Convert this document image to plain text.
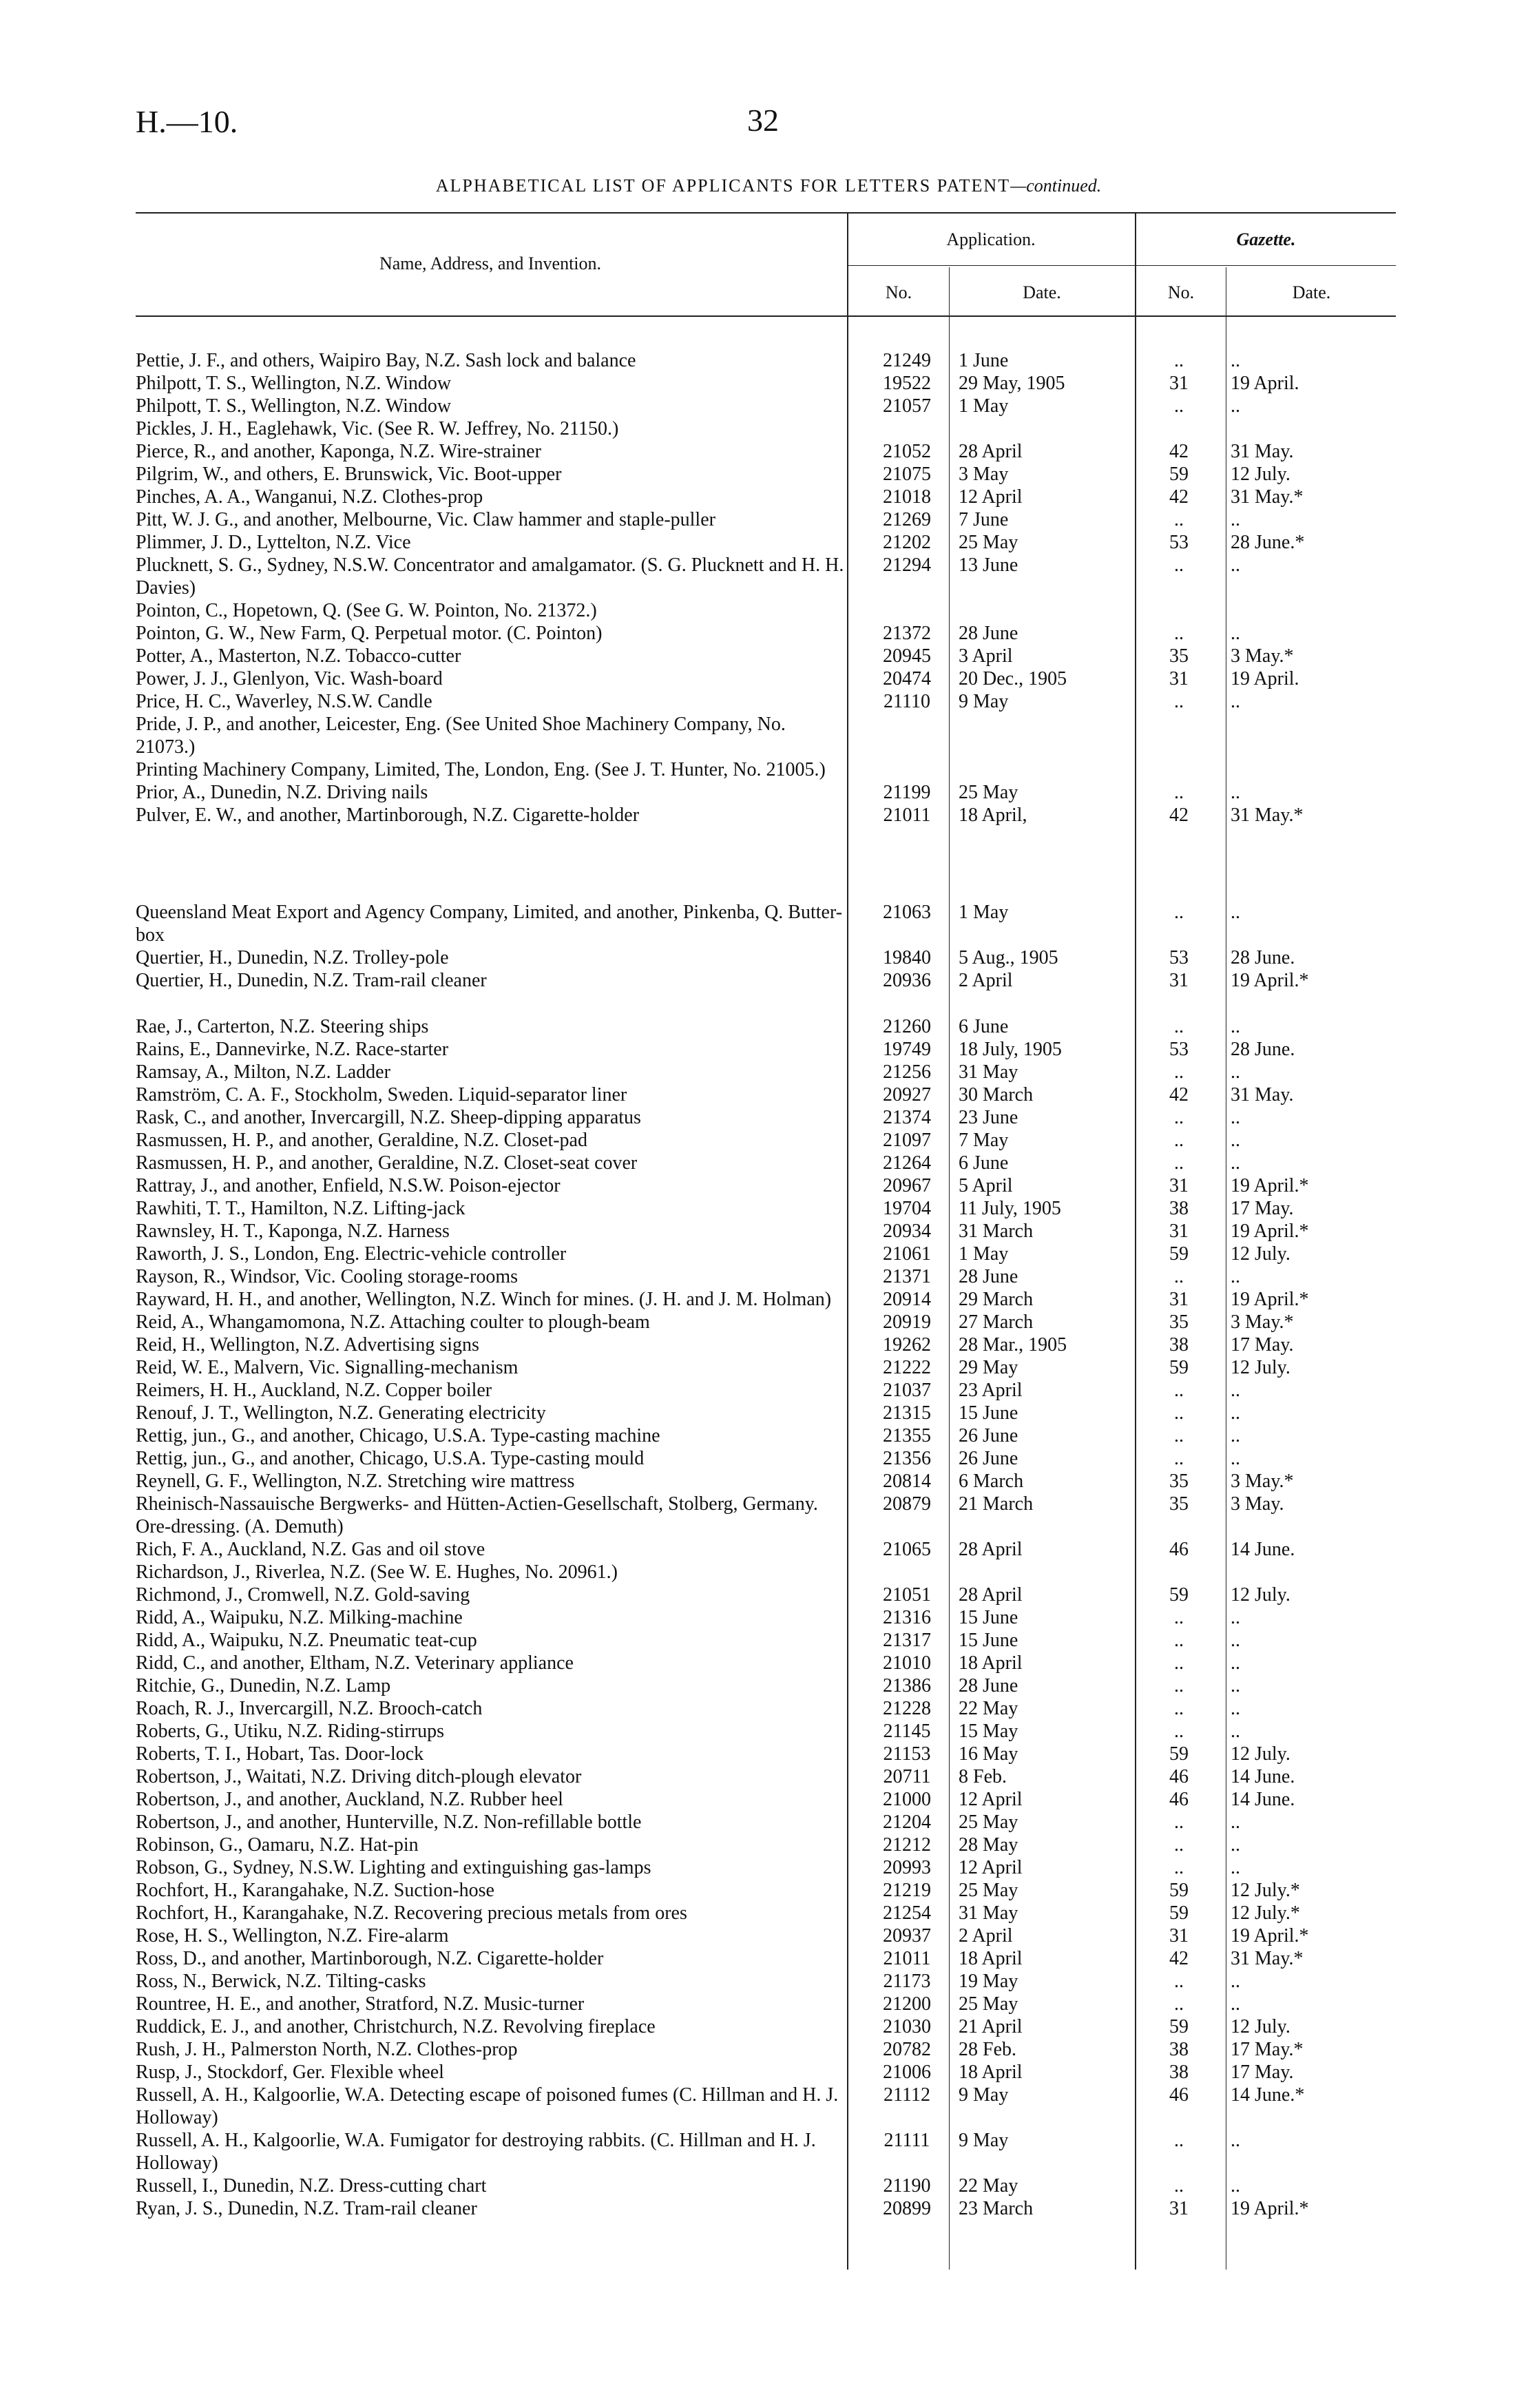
H.—10.	32
ALPHABETICAL LIST OF APPLICANTS FOR LETTERS PATENT—continued.
Name, Address, and Invention.
Application.	Gazette.
No.	Date.	No.	Date.
Pettie, J. F., and others, Waipiro Bay, N.Z. Sash lock and balance	21249	1 June	..	..
Philpott, T. S., Wellington, N.Z. Window	19522	29 May, 1905	31	19 April.
Philpott, T. S., Wellington, N.Z. Window	21057	1 May	..	..
Pickles, J. H., Eaglehawk, Vic. (See R. W. Jeffrey, No. 21150.)
Pierce, R., and another, Kaponga, N.Z. Wire-strainer	21052	28 April	42	31 May.
Pilgrim, W., and others, E. Brunswick, Vic. Boot-upper	21075	3 May	59	12 July.
Pinches, A. A., Wanganui, N.Z. Clothes-prop	21018	12 April	42	31 May.*
Pitt, W. J. G., and another, Melbourne, Vic. Claw hammer and staple-puller	21269	7 June	..	..
Plimmer, J. D., Lyttelton, N.Z. Vice	21202	25 May	53	28 June.*
Plucknett, S. G., Sydney, N.S.W. Concentrator and amalgamator. (S. G. Plucknett and H. H. Davies)
21294	13 June	..	..
Pointon, C., Hopetown, Q. (See G. W. Pointon, No. 21372.)
Pointon, G. W., New Farm, Q. Perpetual motor. (C. Pointon)	21372	28 June	..	..
Potter, A., Masterton, N.Z. Tobacco-cutter	20945	3 April	35	3 May.*
Power, J. J., Glenlyon, Vic. Wash-board	20474	20 Dec., 1905	31	19 April.
Price, H. C., Waverley, N.S.W. Candle	21110	9 May	..	..
Pride, J. P., and another, Leicester, Eng. (See United Shoe Machinery Company, No. 21073.)
Printing Machinery Company, Limited, The, London, Eng. (See J. T. Hunter, No. 21005.)
Prior, A., Dunedin, N.Z. Driving nails	21199	25 May	..	..
Pulver, E. W., and another, Martinborough, N.Z. Cigarette-holder	21011	18 April,	42	31 May.*
Queensland Meat Export and Agency Company, Limited, and another, Pinkenba, Q. Butter-box
21063	1 May	..	..
Quertier, H., Dunedin, N.Z. Trolley-pole	19840	5 Aug., 1905	53	28 June.
Quertier, H., Dunedin, N.Z. Tram-rail cleaner	20936	2 April	31	19 April.*
Rae, J., Carterton, N.Z. Steering ships	21260	6 June	..	..
Rains, E., Dannevirke, N.Z. Race-starter	19749	18 July, 1905	53	28 June.
Ramsay, A., Milton, N.Z. Ladder	21256	31 May	..	..
Ramström, C. A. F., Stockholm, Sweden. Liquid-separator liner	20927	30 March	42	31 May.
Rask, C., and another, Invercargill, N.Z. Sheep-dipping apparatus	21374	23 June	..	..
Rasmussen, H. P., and another, Geraldine, N.Z. Closet-pad	21097	7 May	..	..
Rasmussen, H. P., and another, Geraldine, N.Z. Closet-seat cover	21264	6 June	..	..
Rattray, J., and another, Enfield, N.S.W. Poison-ejector	20967	5 April	31	19 April.*
Rawhiti, T. T., Hamilton, N.Z. Lifting-jack	19704	11 July, 1905	38	17 May.
Rawnsley, H. T., Kaponga, N.Z. Harness	20934	31 March	31	19 April.*
Raworth, J. S., London, Eng. Electric-vehicle controller	21061	1 May	59	12 July.
Rayson, R., Windsor, Vic. Cooling storage-rooms	21371	28 June	..	..
Rayward, H. H., and another, Wellington, N.Z. Winch for mines. (J. H. and J. M. Holman)	20914	29 March	31	19 April.*
Reid, A., Whangamomona, N.Z. Attaching coulter to plough-beam	20919	27 March	35	3 May.*
Reid, H., Wellington, N.Z. Advertising signs	19262	28 Mar., 1905	38	17 May.
Reid, W. E., Malvern, Vic. Signalling-mechanism	21222	29 May	59	12 July.
Reimers, H. H., Auckland, N.Z. Copper boiler	21037	23 April	..	..
Renouf, J. T., Wellington, N.Z. Generating electricity	21315	15 June	..	..
Rettig, jun., G., and another, Chicago, U.S.A. Type-casting machine	21355	26 June	..	..
Rettig, jun., G., and another, Chicago, U.S.A. Type-casting mould	21356	26 June	..	..
Reynell, G. F., Wellington, N.Z. Stretching wire mattress	20814	6 March	35	3 May.*
Rheinisch-Nassauische Bergwerks- and Hütten-Actien-Gesellschaft, Stolberg, Germany. Ore-dressing. (A. Demuth)
20879	21 March	35	3 May.
Rich, F. A., Auckland, N.Z. Gas and oil stove	21065	28 April	46	14 June.
Richardson, J., Riverlea, N.Z. (See W. E. Hughes, No. 20961.)
Richmond, J., Cromwell, N.Z. Gold-saving	21051	28 April	59	12 July.
Ridd, A., Waipuku, N.Z. Milking-machine	21316	15 June	..	..
Ridd, A., Waipuku, N.Z. Pneumatic teat-cup	21317	15 June	..	..
Ridd, C., and another, Eltham, N.Z. Veterinary appliance	21010	18 April	..	..
Ritchie, G., Dunedin, N.Z. Lamp	21386	28 June	..	..
Roach, R. J., Invercargill, N.Z. Brooch-catch	21228	22 May	..	..
Roberts, G., Utiku, N.Z. Riding-stirrups	21145	15 May	..	..
Roberts, T. I., Hobart, Tas. Door-lock	21153	16 May	59	12 July.
Robertson, J., Waitati, N.Z. Driving ditch-plough elevator	20711	8 Feb.	46	14 June.
Robertson, J., and another, Auckland, N.Z. Rubber heel	21000	12 April	46	14 June.
Robertson, J., and another, Hunterville, N.Z. Non-refillable bottle	21204	25 May	..	..
Robinson, G., Oamaru, N.Z. Hat-pin	21212	28 May	..	..
Robson, G., Sydney, N.S.W. Lighting and extinguishing gas-lamps	20993	12 April	..	..
Rochfort, H., Karangahake, N.Z. Suction-hose	21219	25 May	59	12 July.*
Rochfort, H., Karangahake, N.Z. Recovering precious metals from ores	21254	31 May	59	12 July.*
Rose, H. S., Wellington, N.Z. Fire-alarm	20937	2 April	31	19 April.*
Ross, D., and another, Martinborough, N.Z. Cigarette-holder	21011	18 April	42	31 May.*
Ross, N., Berwick, N.Z. Tilting-casks	21173	19 May	..	..
Rountree, H. E., and another, Stratford, N.Z. Music-turner	21200	25 May	..	..
Ruddick, E. J., and another, Christchurch, N.Z. Revolving fireplace	21030	21 April	59	12 July.
Rush, J. H., Palmerston North, N.Z. Clothes-prop	20782	28 Feb.	38	17 May.*
Rusp, J., Stockdorf, Ger. Flexible wheel	21006	18 April	38	17 May.
Russell, A. H., Kalgoorlie, W.A. Detecting escape of poisoned fumes (C. Hillman and H. J. Holloway)
21112	9 May	46	14 June.*
Russell, A. H., Kalgoorlie, W.A. Fumigator for destroying rabbits. (C. Hillman and H. J. Holloway)
21111	9 May	..	..
Russell, I., Dunedin, N.Z. Dress-cutting chart	21190	22 May	..	..
Ryan, J. S., Dunedin, N.Z. Tram-rail cleaner	20899	23 March	31	19 April.*
